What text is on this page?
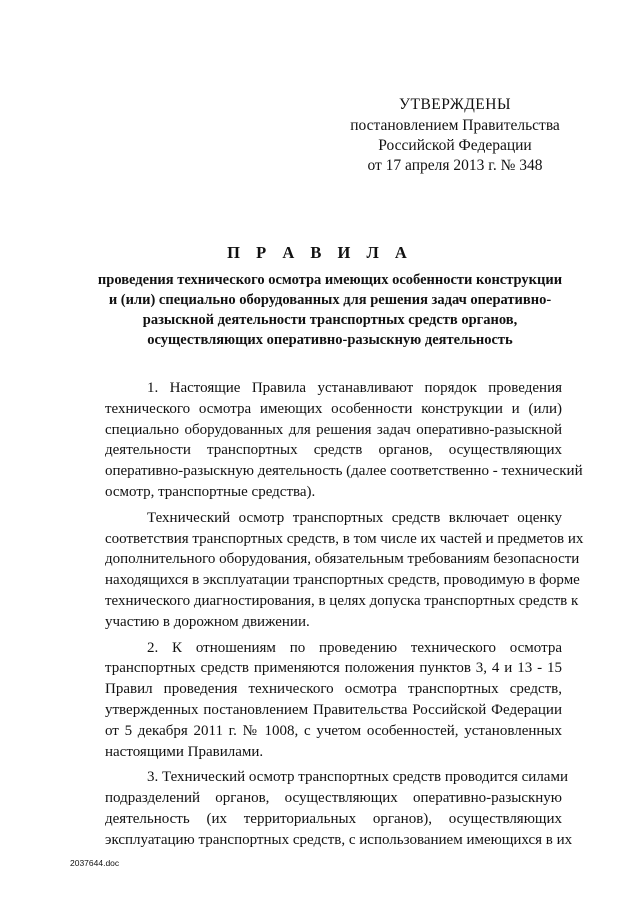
УТВЕРЖДЕНЫ
постановлением Правительства
Российской Федерации
от 17 апреля 2013 г. № 348
П Р А В И Л А
проведения технического осмотра имеющих особенности конструкции
и (или) специально оборудованных для решения задач оперативно-
разыскной деятельности транспортных средств органов,
осуществляющих оперативно-разыскную деятельность
1. Настоящие Правила устанавливают порядок проведения
технического осмотра имеющих особенности конструкции и (или)
специально оборудованных для решения задач оперативно-разыскной
деятельности транспортных средств органов, осуществляющих
оперативно-разыскную деятельность (далее соответственно - технический
осмотр, транспортные средства).
Технический осмотр транспортных средств включает оценку
соответствия транспортных средств, в том числе их частей и предметов их
дополнительного оборудования, обязательным требованиям безопасности
находящихся в эксплуатации транспортных средств, проводимую в форме
технического диагностирования, в целях допуска транспортных средств к
участию в дорожном движении.
2. К отношениям по проведению технического осмотра
транспортных средств применяются положения пунктов 3, 4 и 13 - 15
Правил проведения технического осмотра транспортных средств,
утвержденных постановлением Правительства Российской Федерации
от 5 декабря 2011 г. № 1008, с учетом особенностей, установленных
настоящими Правилами.
3. Технический осмотр транспортных средств проводится силами
подразделений органов, осуществляющих оперативно-разыскную
деятельность (их территориальных органов), осуществляющих
эксплуатацию транспортных средств, с использованием имеющихся в их
2037644.doc
